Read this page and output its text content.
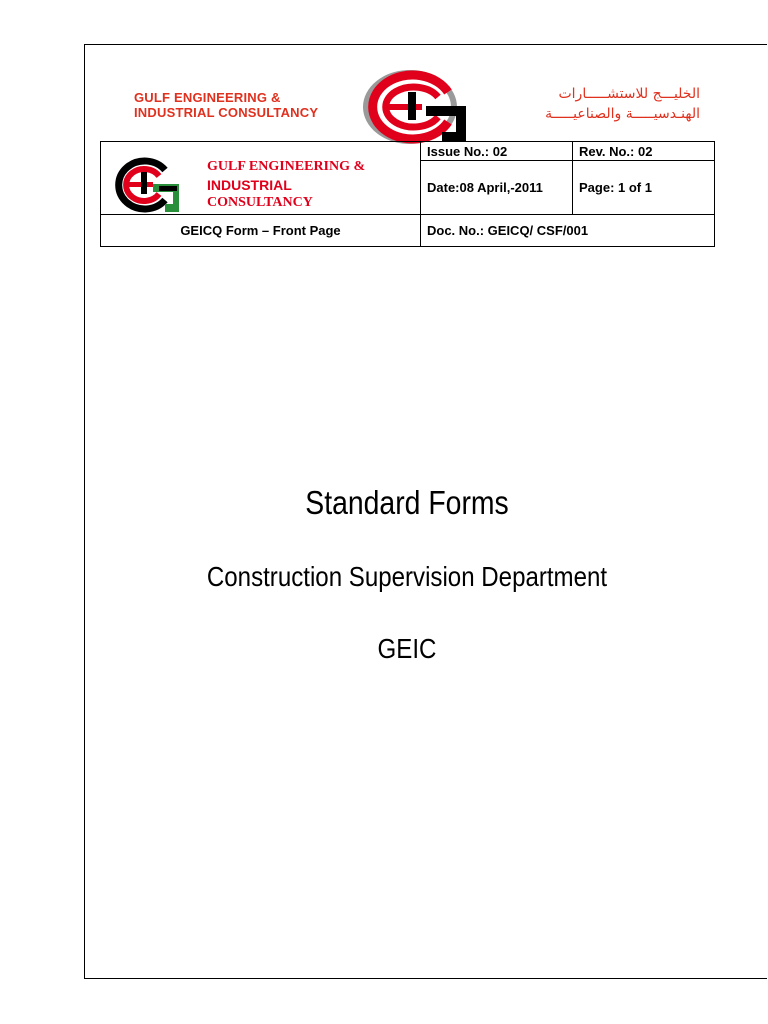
GULF ENGINEERING &
INDUSTRIAL CONSULTANCY
الخليـــج للاستشـــــارات
الهنـدسيـــــة والصناعيـــــة
GULF ENGINEERING &
INDUSTRIAL
CONSULTANCY	Issue No.: 02	Rev. No.: 02
	Date:08 April,-2011	Page: 1 of 1
GEICQ Form – Front Page	Doc. No.: GEICQ/ CSF/001	
Standard Forms
Construction Supervision Department
GEIC
